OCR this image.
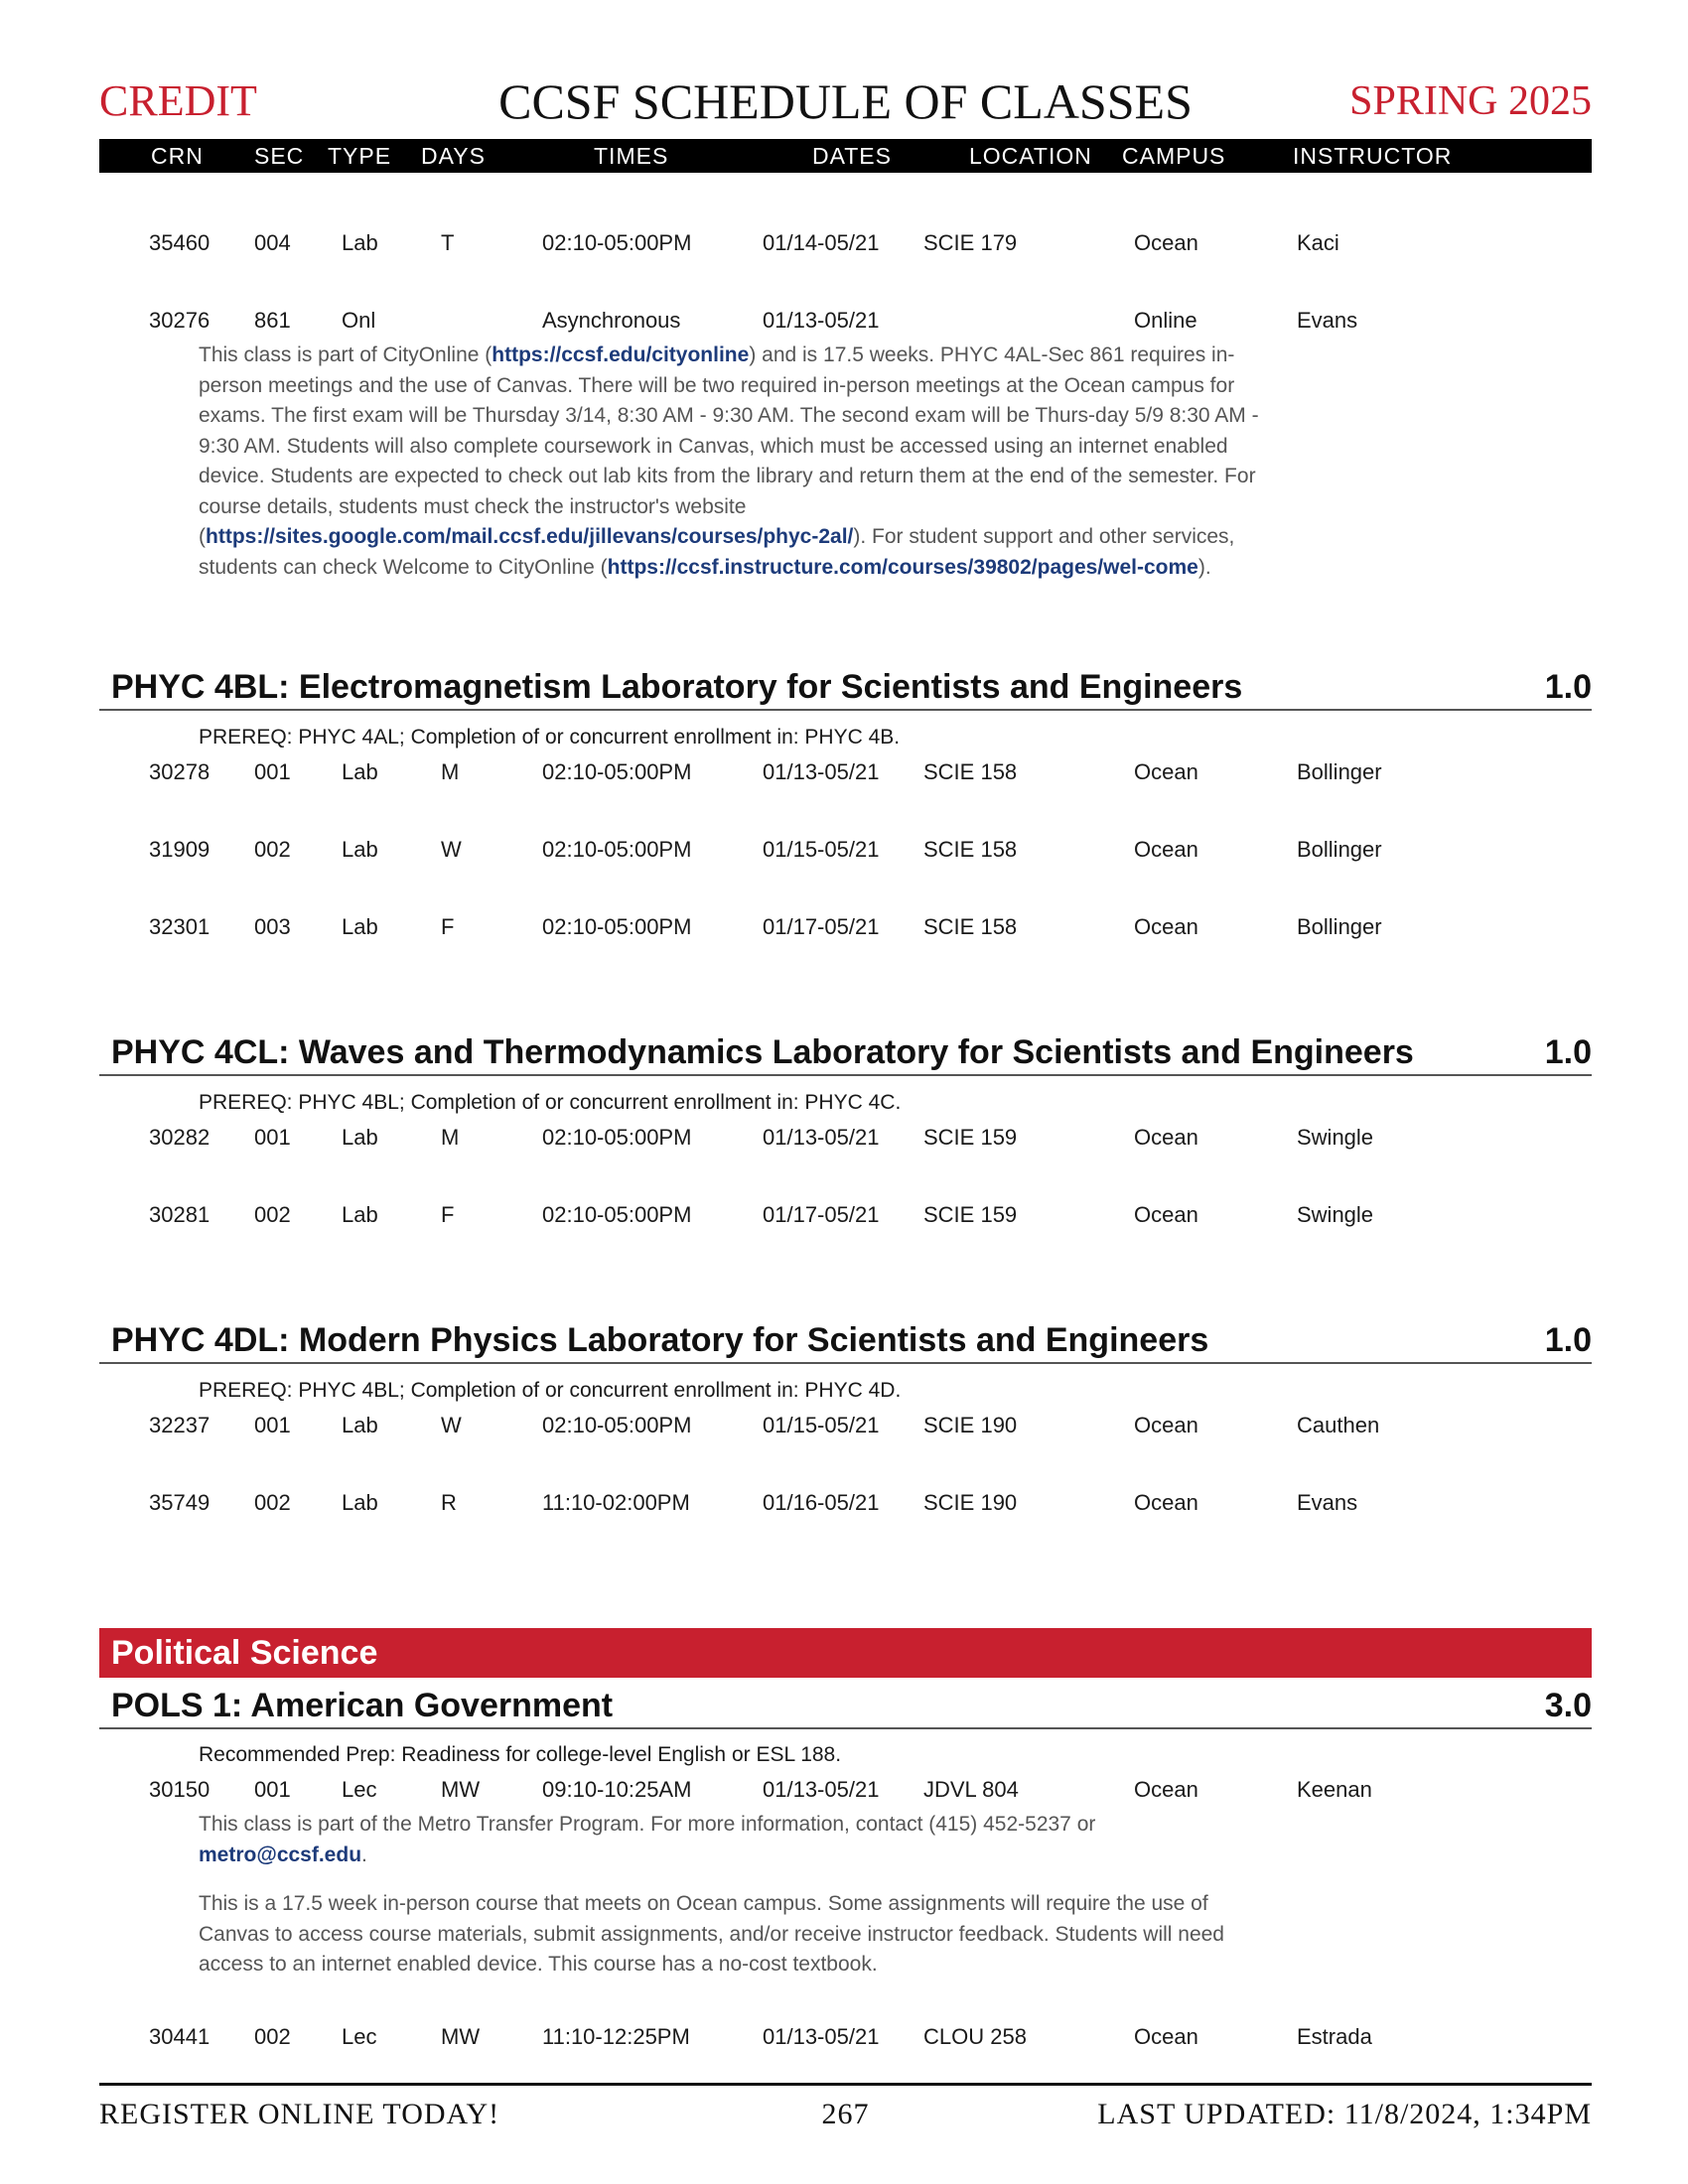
CREDIT	CCSF SCHEDULE OF CLASSES	SPRING 2025
CRN SEC TYPE DAYS	TIMES	DATES	LOCATION CAMPUS	INSTRUCTOR
35460 004 Lab	T	02:10-05:00PM	01/14-05/21 SCIE 179	Ocean	Kaci
30276 861 Onl	Asynchronous	01/13-05/21	Online	Evans
This class is part of CityOnline (https://ccsf.edu/cityonline) and is 17.5 weeks. PHYC 4AL-Sec 861 requires in-person meetings and the use of Canvas. There will be two required in-person meetings at the Ocean campus for exams. The first exam will be Thursday 3/14, 8:30 AM - 9:30 AM. The second exam will be Thurs-day 5/9 8:30 AM - 9:30 AM. Students will also complete coursework in Canvas, which must be accessed using an internet enabled device. Students are expected to check out lab kits from the library and return them at the end of the semester. For course details, students must check the instructor's website (https://sites.google.com/mail.ccsf.edu/jillevans/courses/phyc-2al/). For student support and other services, students can check Welcome to CityOnline (https://ccsf.instructure.com/courses/39802/pages/wel-come).
PHYC 4BL: Electromagnetism Laboratory for Scientists and Engineers	1.0
PREREQ: PHYC 4AL; Completion of or concurrent enrollment in: PHYC 4B.
30278 001 Lab	M	02:10-05:00PM	01/13-05/21 SCIE 158	Ocean	Bollinger
31909 002 Lab	W	02:10-05:00PM	01/15-05/21 SCIE 158	Ocean	Bollinger
32301 003 Lab	F	02:10-05:00PM	01/17-05/21 SCIE 158	Ocean	Bollinger
PHYC 4CL: Waves and Thermodynamics Laboratory for Scientists and Engineers	1.0
PREREQ: PHYC 4BL; Completion of or concurrent enrollment in: PHYC 4C.
30282 001 Lab	M	02:10-05:00PM	01/13-05/21 SCIE 159	Ocean	Swingle
30281 002 Lab	F	02:10-05:00PM	01/17-05/21 SCIE 159	Ocean	Swingle
PHYC 4DL: Modern Physics Laboratory for Scientists and Engineers	1.0
PREREQ: PHYC 4BL; Completion of or concurrent enrollment in: PHYC 4D.
32237 001 Lab	W	02:10-05:00PM	01/15-05/21 SCIE 190	Ocean	Cauthen
35749 002 Lab	R	11:10-02:00PM	01/16-05/21 SCIE 190	Ocean	Evans
Political Science
POLS 1: American Government	3.0
Recommended Prep: Readiness for college-level English or ESL 188.
30150 001 Lec	MW	09:10-10:25AM	01/13-05/21 JDVL 804	Ocean	Keenan
This class is part of the Metro Transfer Program. For more information, contact (415) 452-5237 or metro@ccsf.edu.
This is a 17.5 week in-person course that meets on Ocean campus. Some assignments will require the use of Canvas to access course materials, submit assignments, and/or receive instructor feedback. Students will need access to an internet enabled device. This course has a no-cost textbook.
30441 002 Lec	MW	11:10-12:25PM	01/13-05/21 CLOU 258	Ocean	Estrada
REGISTER ONLINE TODAY!	267	LAST UPDATED: 11/8/2024, 1:34PM
